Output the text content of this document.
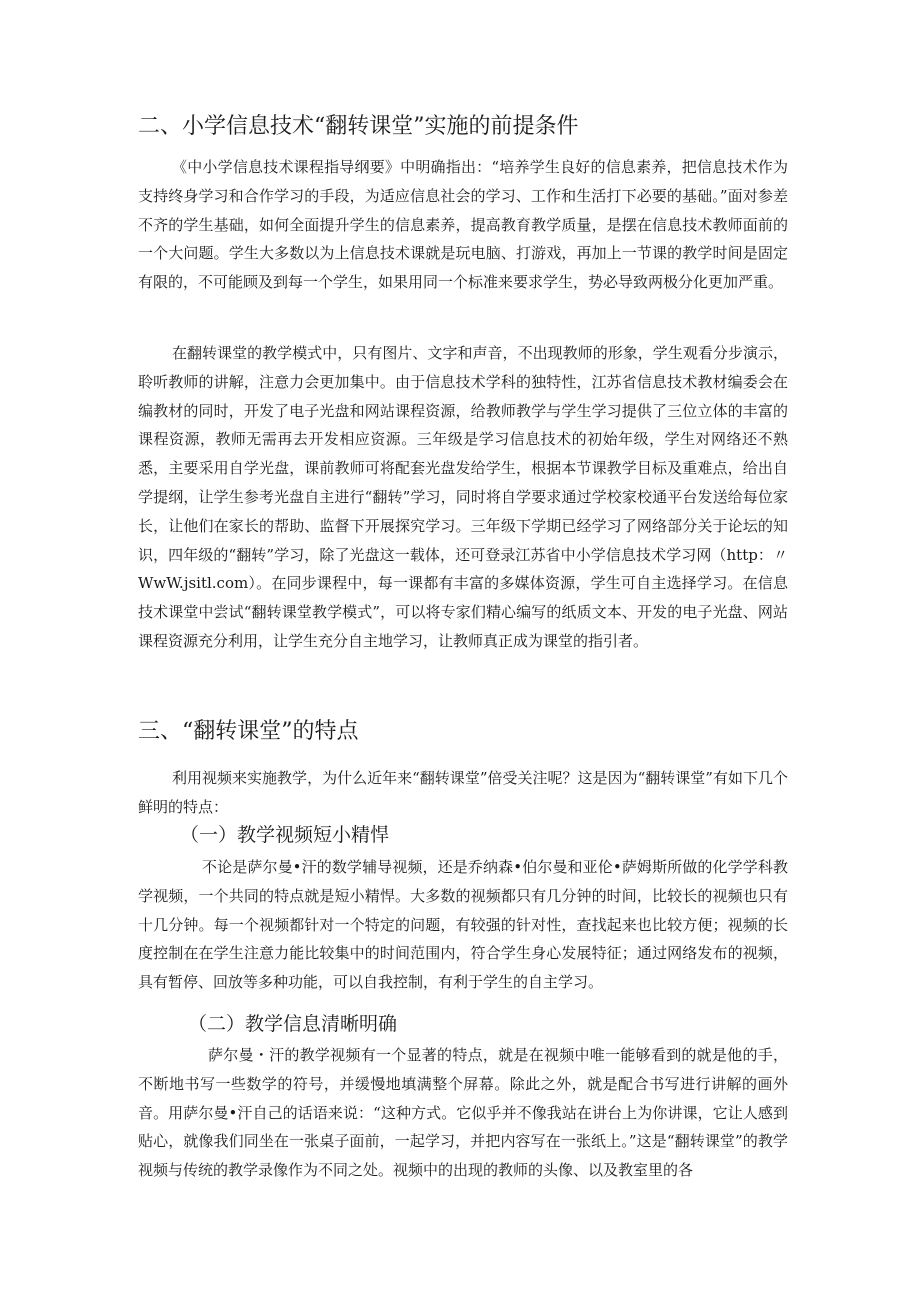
二、小学信息技术“翻转课堂”实施的前提条件

《中小学信息技术课程指导纲要》中明确指出：“培养学生良好的信息素养，把信息技术作为支持终身学习和合作学习的手段，为适应信息社会的学习、工作和生活打下必要的基础。”面对参差不齐的学生基础，如何全面提升学生的信息素养，提高教育教学质量，是摆在信息技术教师面前的一个大问题。学生大多数以为上信息技术课就是玩电脑、打游戏，再加上一节课的教学时间是固定有限的，不可能顾及到每一个学生，如果用同一个标准来要求学生，势必导致两极分化更加严重。

在翻转课堂的教学模式中，只有图片、文字和声音，不出现教师的形象，学生观看分步演示，聆听教师的讲解，注意力会更加集中。由于信息技术学科的独特性，江苏省信息技术教材编委会在编教材的同时，开发了电子光盘和网站课程资源，给教师教学与学生学习提供了三位立体的丰富的课程资源，教师无需再去开发相应资源。三年级是学习信息技术的初始年级，学生对网络还不熟悉，主要采用自学光盘，课前教师可将配套光盘发给学生，根据本节课教学目标及重难点，给出自学提纲，让学生参考光盘自主进行“翻转”学习，同时将自学要求通过学校家校通平台发送给每位家长，让他们在家长的帮助、监督下开展探究学习。三年级下学期已经学习了网络部分关于论坛的知识，四年级的“翻转”学习，除了光盘这一载体，还可登录江苏省中小学信息技术学习网（http：〃WwW.jsitl.com）。在同步课程中，每一课都有丰富的多媒体资源，学生可自主选择学习。在信息技术课堂中尝试“翻转课堂教学模式”，可以将专家们精心编写的纸质文本、开发的电子光盘、网站课程资源充分利用，让学生充分自主地学习，让教师真正成为课堂的指引者。

三、“翻转课堂”的特点

利用视频来实施教学，为什么近年来“翻转课堂”倍受关注呢？这是因为“翻转课堂”有如下几个鲜明的特点：

（一）教学视频短小精悍

不论是萨尔曼•汗的数学辅导视频，还是乔纳森•伯尔曼和亚伦•萨姆斯所做的化学学科教学视频，一个共同的特点就是短小精悍。大多数的视频都只有几分钟的时间，比较长的视频也只有十几分钟。每一个视频都针对一个特定的问题，有较强的针对性，查找起来也比较方便；视频的长度控制在在学生注意力能比较集中的时间范围内，符合学生身心发展特征；通过网络发布的视频，具有暂停、回放等多种功能，可以自我控制，有利于学生的自主学习。

（二）教学信息清晰明确

萨尔曼・汗的教学视频有一个显著的特点，就是在视频中唯一能够看到的就是他的手，不断地书写一些数学的符号，并缓慢地填满整个屏幕。除此之外，就是配合书写进行讲解的画外音。用萨尔曼•汗自己的话语来说：“这种方式。它似乎并不像我站在讲台上为你讲课，它让人感到贴心，就像我们同坐在一张桌子面前，一起学习，并把内容写在一张纸上。”这是“翻转课堂”的教学视频与传统的教学录像作为不同之处。视频中的出现的教师的头像、以及教室里的各
